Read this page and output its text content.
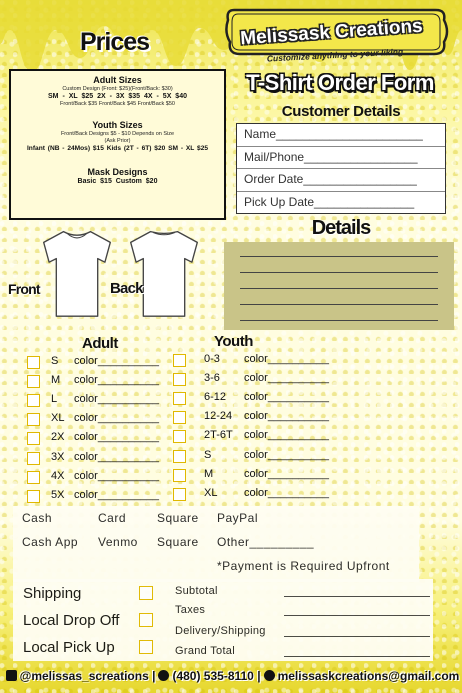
Prices	Melissask Creations
Customize anything to your liking
T-Shirt Order Form
Customer Details
Adult Sizes
Custom Design (Front: $25)(Front/Back: $30)
SM - XL $25 2X - 3X $35 4X - 5X $40
Front/Back $35 Front/Back $45 Front/Back $50
Youth Sizes
Front/Back Designs $5 - $10 Depends on Size
(Ask Prior)
Infant (NB - 24Mos) $15 Kids (2T - 6T) $20 SM - XL $25
Mask Designs
Basic $15 Custom $20
Name______________________
Mail/Phone_________________
Order Date_________________
Pick Up Date_______________
Front	Back
Details
Adult	Youth
S color__________
M color__________
L color__________
XL color__________
2X color__________
3X color__________
4X color__________
5X color__________
0-3 color__________
3-6 color__________
6-12 color__________
12-24 color__________
2T-6T color__________
S	color__________
M	color__________
XL color__________
Cash	Card	Square PayPal
Cash App Venmo Square Other_________
*Payment is Required Upfront
Shipping
Local Drop Off
Local Pick Up
Subtotal
Taxes
Delivery/Shipping
Grand Total
@melissas_screations | (480) 535-8110 | melissaskcreations@gmail.com
